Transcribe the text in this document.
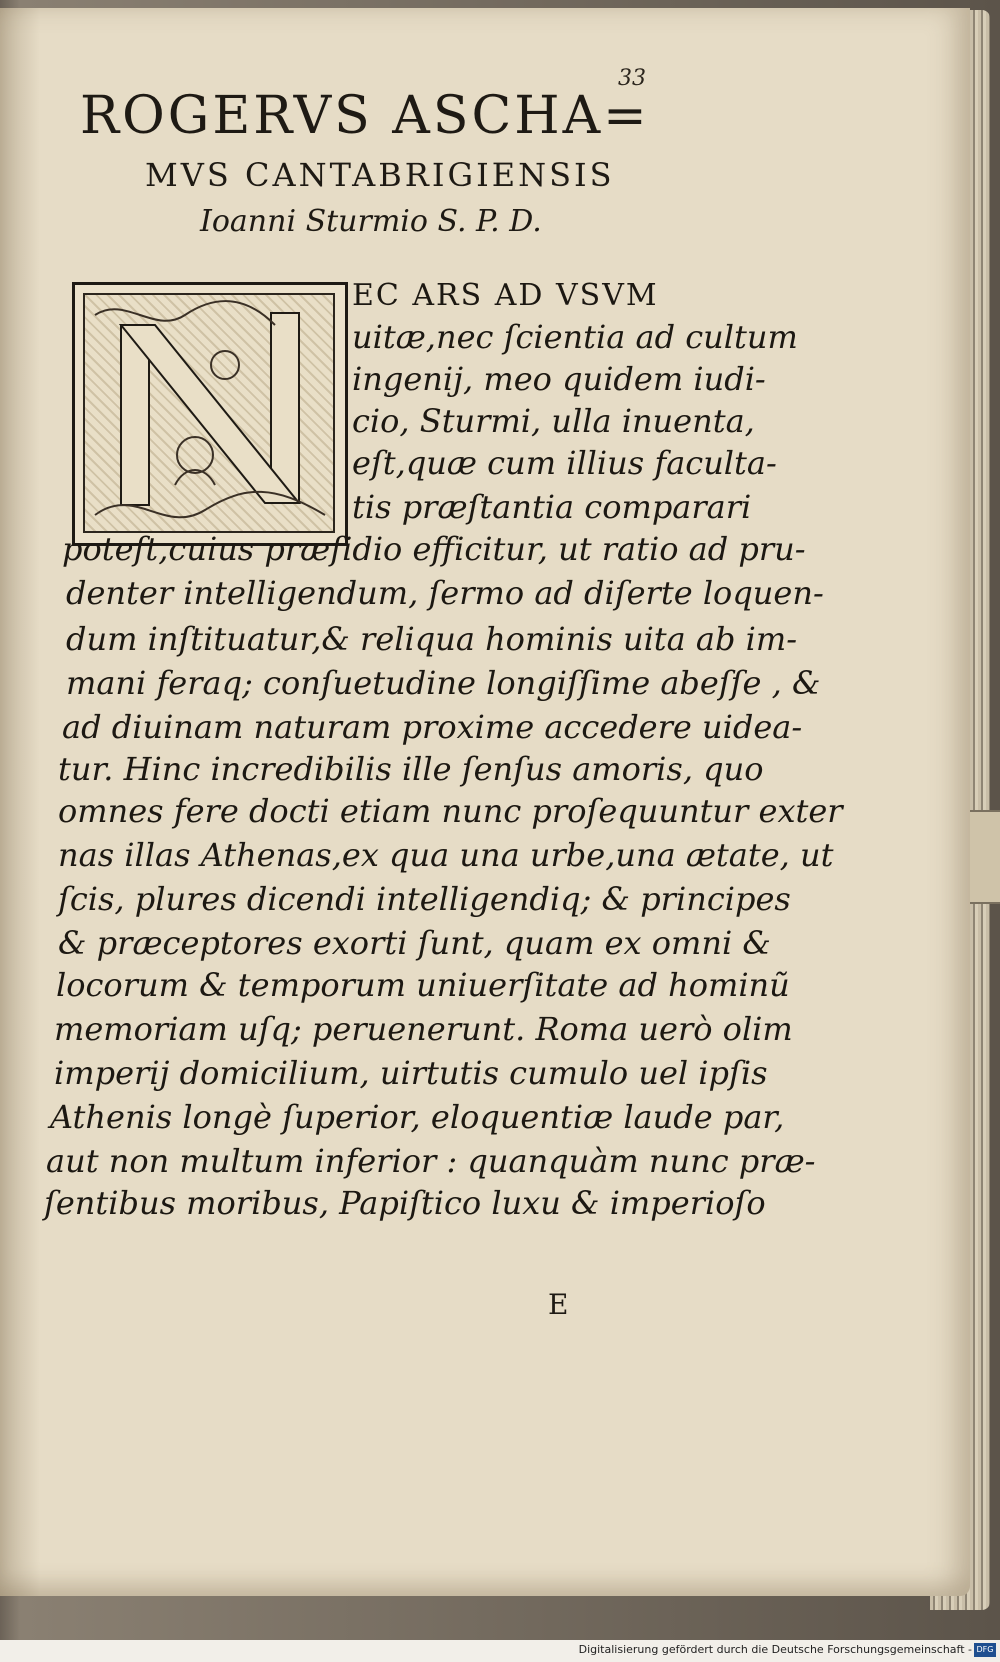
33
ROGERVS ASCHA=
MVS CANTABRIGIENSIS
Ioanni Sturmio S. P. D.
EC ARS AD VSVM
uitæ,nec ſcientia ad cultum
ingenij, meo quidem iudi-
cio, Sturmi, ulla inuenta,
eſt,quæ cum illius faculta-
tis præſtantia comparari
poteſt,cuius præſidio efficitur, ut ratio ad pru-
denter intelligendum, ſermo ad diſerte loquen-
dum inſtituatur,& reliqua hominis uita ab im-
mani feraq; conſuetudine longiſſime abeſſe , &
ad diuinam naturam proxime accedere uidea-
tur. Hinc incredibilis ille ſenſus amoris, quo
omnes fere docti etiam nunc proſequuntur exter
nas illas Athenas,ex qua una urbe,una ætate, ut
ſcis, plures dicendi intelligendiq; & principes
& præceptores exorti ſunt, quam ex omni &
locorum & temporum uniuerſitate ad hominũ
memoriam uſq; peruenerunt. Roma uerò olim
imperij domicilium, uirtutis cumulo uel ipſis
Athenis longè ſuperior, eloquentiæ laude par,
aut non multum inferior : quanquàm nunc præ-
ſentibus moribus, Papiſtico luxu & imperioſo
E
Digitalisierung gefördert durch die Deutsche Forschungsgemeinschaft - DFG
